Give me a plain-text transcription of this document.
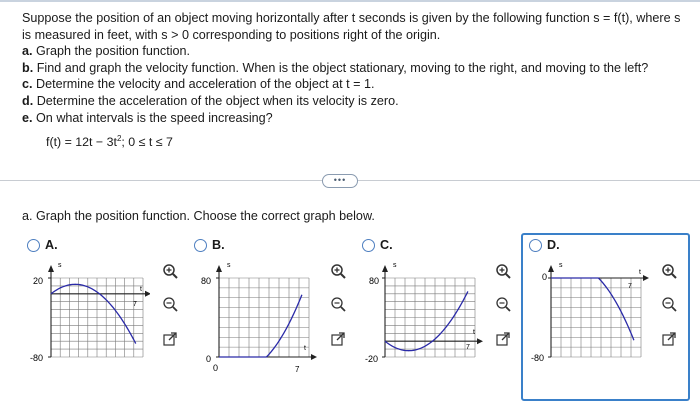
Suppose the position of an object moving horizontally after t seconds is given by the following function s = f(t), where s

is measured in feet, with s > 0 corresponding to positions right of the origin.

a. Graph the position function.

b. Find and graph the velocity function. When is the object stationary, moving to the right, and moving to the left?

c. Determine the velocity and acceleration of the object at t = 1.

d. Determine the acceleration of the object when its velocity is zero.

e. On what intervals is the speed increasing?

$f(t) = 12t - 3t^2$; 0 ≤ t ≤ 7
•••
a. Graph the position function. Choose the correct graph below.
A.	B.	C.	D.
s
20
-80
t
7
s
80
0
0
t
7
s
80
-20
t
7
s
0
-80
t
7
